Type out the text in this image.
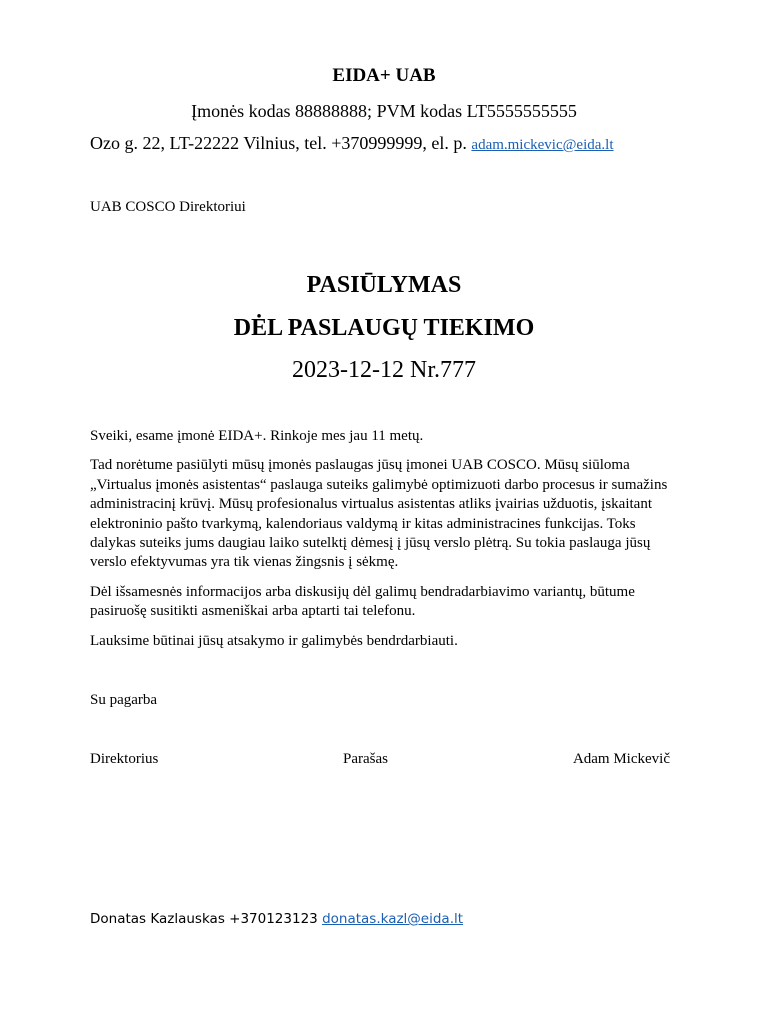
EIDA+ UAB
Įmonės kodas 88888888; PVM kodas LT5555555555
Ozo g. 22, LT-22222 Vilnius, tel. +370999999, el. p. adam.mickevic@eida.lt
UAB COSCO Direktoriui
PASIŪLYMAS
DĖL PASLAUGŲ TIEKIMO
2023-12-12 Nr.777

Sveiki, esame įmonė EIDA+. Rinkoje mes jau 11 metų.

Tad norėtume pasiūlyti mūsų įmonės paslaugas jūsų įmonei UAB COSCO. Mūsų siūloma „Virtualus įmonės asistentas“ paslauga suteiks galimybė optimizuoti darbo procesus ir sumažins administracinį krūvį. Mūsų profesionalus virtualus asistentas atliks įvairias užduotis, įskaitant elektroninio pašto tvarkymą, kalendoriaus valdymą ir kitas administracines funkcijas. Toks dalykas suteiks jums daugiau laiko sutelktį dėmesį į jūsų verslo plėtrą. Su tokia paslauga jūsų verslo efektyvumas yra tik vienas žingsnis į sėkmę.

Dėl išsamesnės informacijos arba diskusijų dėl galimų bendradarbiavimo variantų, būtume pasiruošę susitikti asmeniškai arba aptarti tai telefonu.

Lauksime būtinai jūsų atsakymo ir galimybės bendrdarbiauti.

Su pagarba
Direktorius	Parašas	Adam Mickevič
Donatas Kazlauskas +370123123 donatas.kazl@eida.lt
